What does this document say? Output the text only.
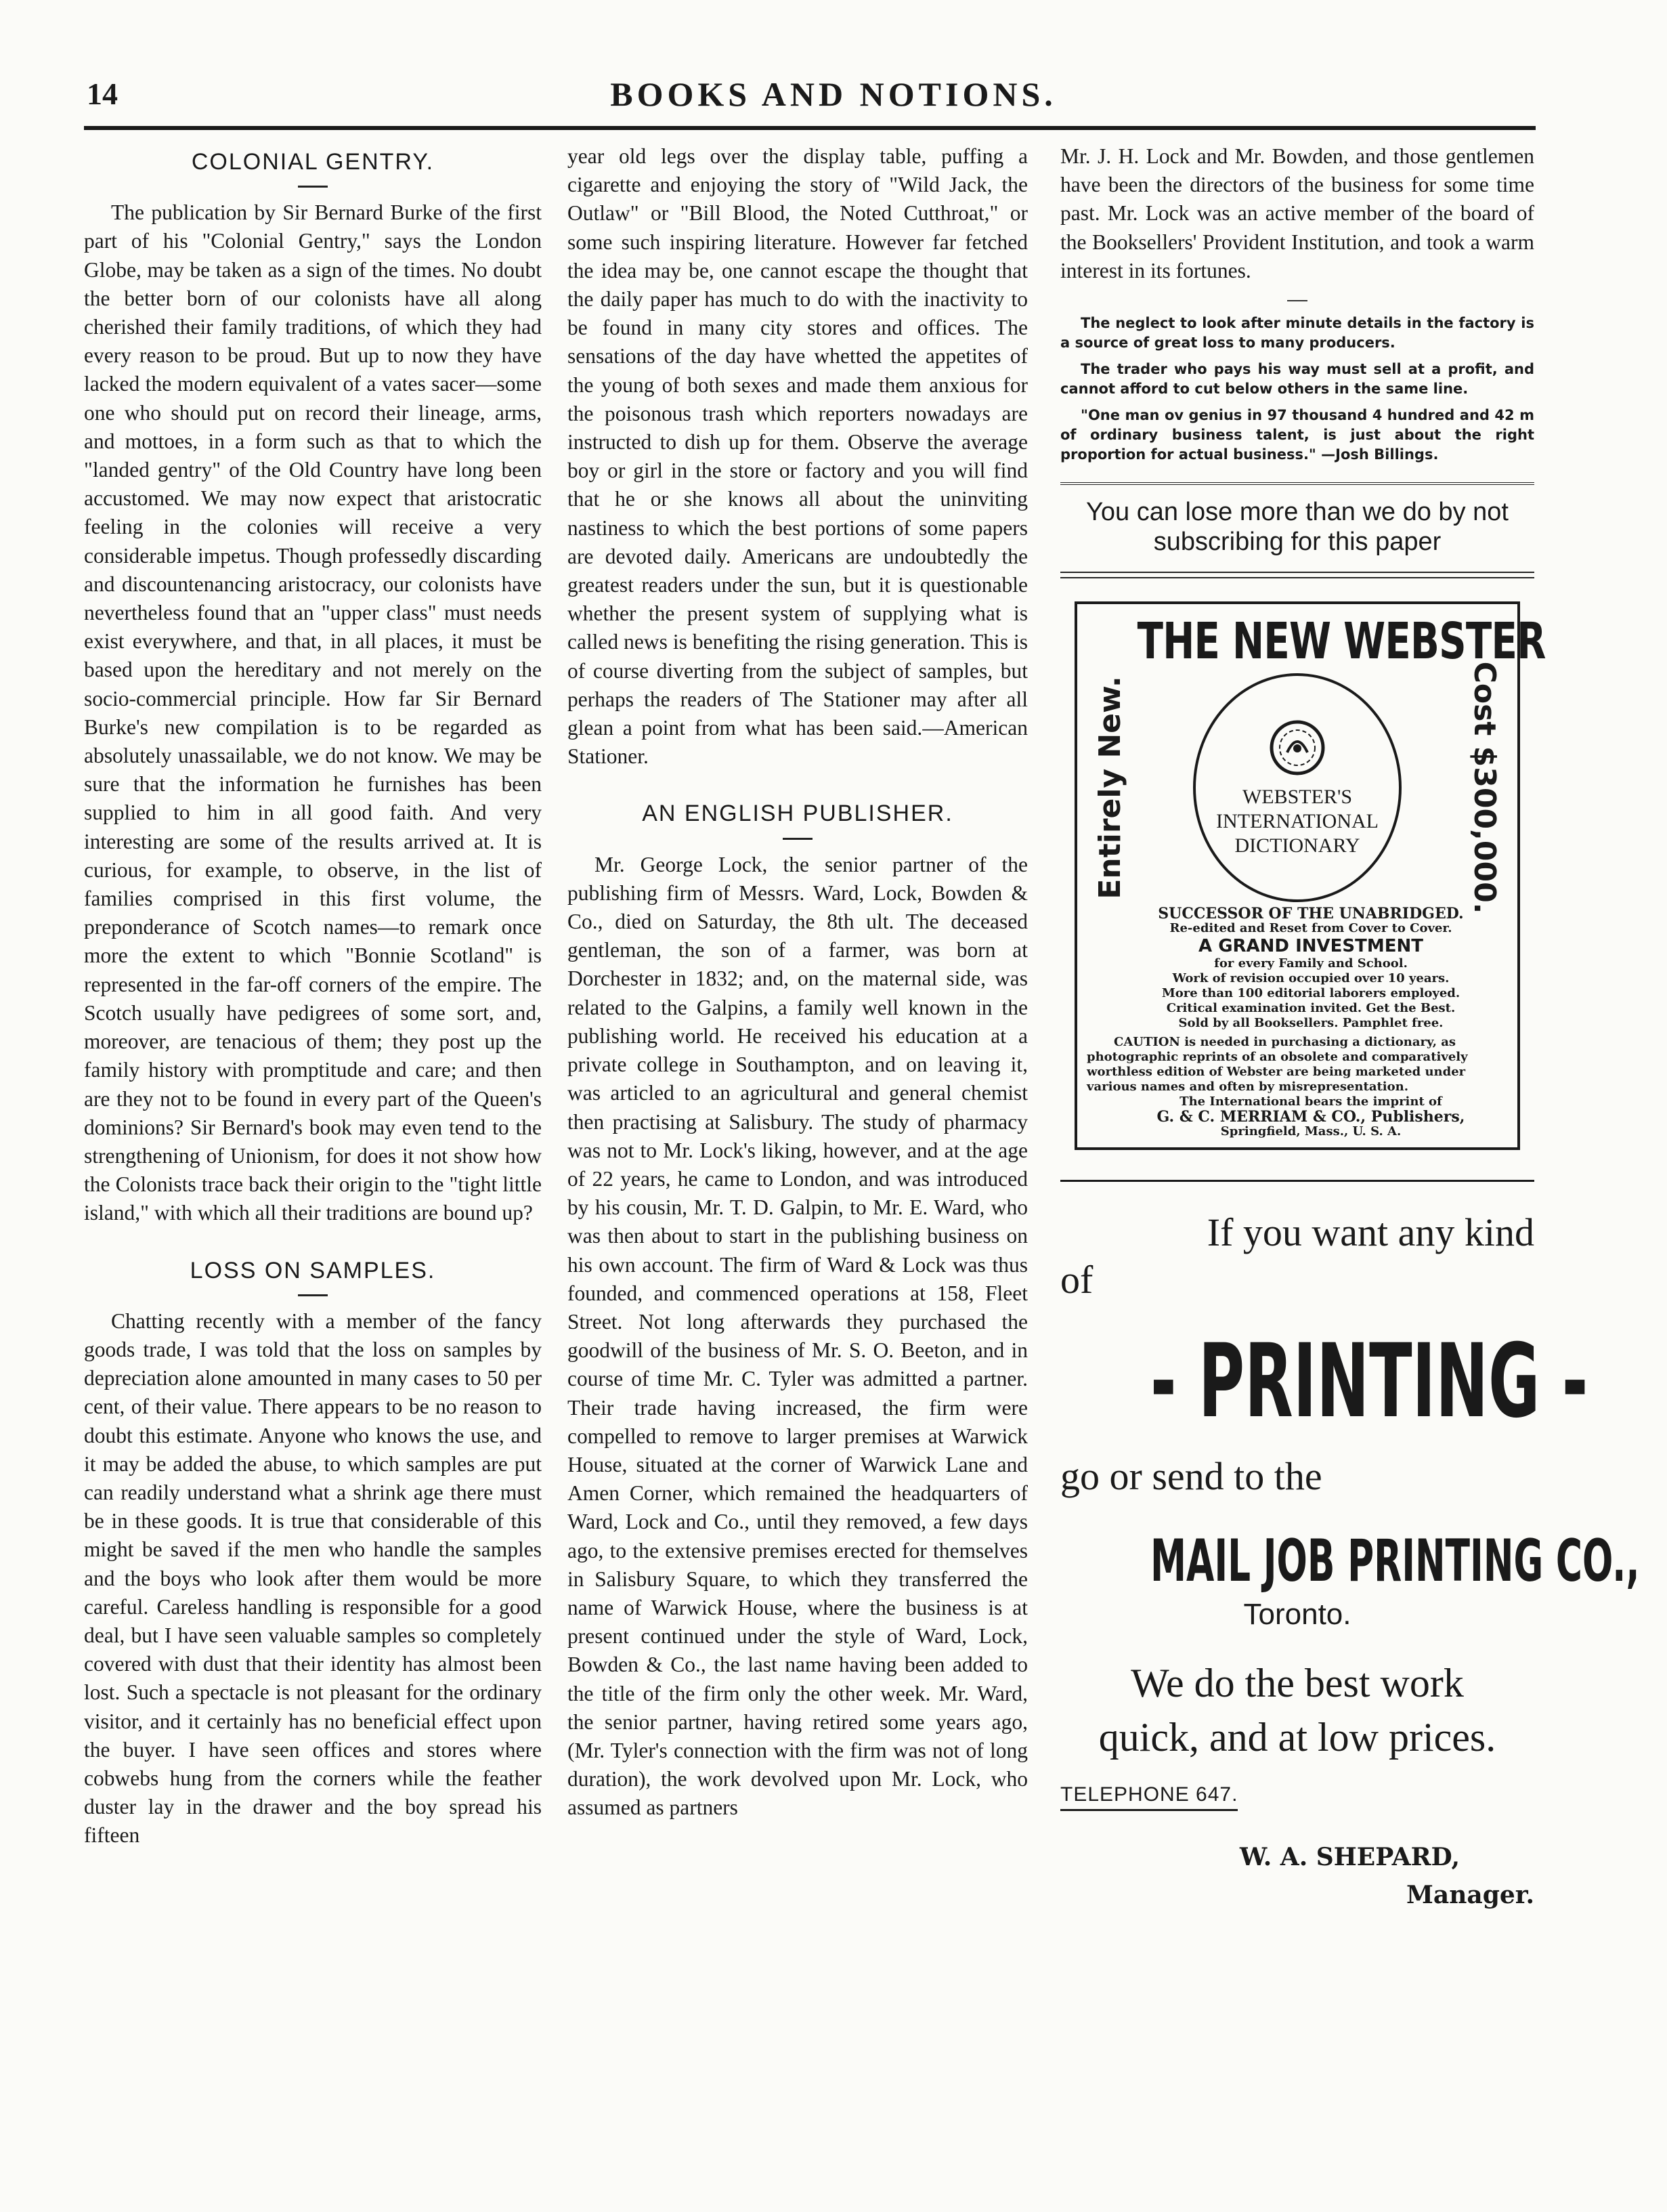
14	BOOKS AND NOTIONS.
COLONIAL GENTRY.

The publication by Sir Bernard Burke of the first part of his "Colonial Gentry," says the London Globe, may be taken as a sign of the times. No doubt the better born of our colonists have all along cherished their family traditions, of which they had every reason to be proud. But up to now they have lacked the modern equivalent of a vates sacer—some one who should put on record their lineage, arms, and mottoes, in a form such as that to which the "landed gentry" of the Old Country have long been accustomed. We may now expect that aristocratic feeling in the colonies will receive a very considerable impetus. Though professedly discarding and discountenancing aristocracy, our colonists have nevertheless found that an "upper class" must needs exist everywhere, and that, in all places, it must be based upon the hereditary and not merely on the socio-commercial principle. How far Sir Bernard Burke's new compilation is to be regarded as absolutely unassailable, we do not know. We may be sure that the information he furnishes has been supplied to him in all good faith. And very interesting are some of the results arrived at. It is curious, for example, to observe, in the list of families comprised in this first volume, the preponderance of Scotch names—to remark once more the extent to which "Bonnie Scotland" is represented in the far-off corners of the empire. The Scotch usually have pedigrees of some sort, and, moreover, are tenacious of them; they post up the family history with promptitude and care; and then are they not to be found in every part of the Queen's dominions? Sir Bernard's book may even tend to the strengthening of Unionism, for does it not show how the Colonists trace back their origin to the "tight little island," with which all their traditions are bound up?

LOSS ON SAMPLES.

Chatting recently with a member of the fancy goods trade, I was told that the loss on samples by depreciation alone amounted in many cases to 50 per cent, of their value. There appears to be no reason to doubt this estimate. Anyone who knows the use, and it may be added the abuse, to which samples are put can readily understand what a shrink age there must be in these goods. It is true that considerable of this might be saved if the men who handle the samples and the boys who look after them would be more careful. Careless handling is responsible for a good deal, but I have seen valuable samples so completely covered with dust that their identity has almost been lost. Such a spectacle is not pleasant for the ordinary visitor, and it certainly has no beneficial effect upon the buyer. I have seen offices and stores where cobwebs hung from the corners while the feather duster lay in the drawer and the boy spread his fifteen

year old legs over the display table, puffing a cigarette and enjoying the story of "Wild Jack, the Outlaw" or "Bill Blood, the Noted Cutthroat," or some such inspiring literature. However far fetched the idea may be, one cannot escape the thought that the daily paper has much to do with the inactivity to be found in many city stores and offices. The sensations of the day have whetted the appetites of the young of both sexes and made them anxious for the poisonous trash which reporters nowadays are instructed to dish up for them. Observe the average boy or girl in the store or factory and you will find that he or she knows all about the uninviting nastiness to which the best portions of some papers are devoted daily. Americans are undoubtedly the greatest readers under the sun, but it is questionable whether the present system of supplying what is called news is benefiting the rising generation. This is of course diverting from the subject of samples, but perhaps the readers of The Stationer may after all glean a point from what has been said.—American Stationer.

AN ENGLISH PUBLISHER.

Mr. George Lock, the senior partner of the publishing firm of Messrs. Ward, Lock, Bowden & Co., died on Saturday, the 8th ult. The deceased gentleman, the son of a farmer, was born at Dorchester in 1832; and, on the maternal side, was related to the Galpins, a family well known in the publishing world. He received his education at a private college in Southampton, and on leaving it, was articled to an agricultural and general chemist then practising at Salisbury. The study of pharmacy was not to Mr. Lock's liking, however, and at the age of 22 years, he came to London, and was introduced by his cousin, Mr. T. D. Galpin, to Mr. E. Ward, who was then about to start in the publishing business on his own account. The firm of Ward & Lock was thus founded, and commenced operations at 158, Fleet Street. Not long afterwards they purchased the goodwill of the business of Mr. S. O. Beeton, and in course of time Mr. C. Tyler was admitted a partner. Their trade having increased, the firm were compelled to remove to larger premises at Warwick House, situated at the corner of Warwick Lane and Amen Corner, which remained the headquarters of Ward, Lock and Co., until they removed, a few days ago, to the extensive premises erected for themselves in Salisbury Square, to which they transferred the name of Warwick House, where the business is at present continued under the style of Ward, Lock, Bowden & Co., the last name having been added to the title of the firm only the other week. Mr. Ward, the senior partner, having retired some years ago, (Mr. Tyler's connection with the firm was not of long duration), the work devolved upon Mr. Lock, who assumed as partners

Mr. J. H. Lock and Mr. Bowden, and those gentlemen have been the directors of the business for some time past. Mr. Lock was an active member of the board of the Booksellers' Provident Institution, and took a warm interest in its fortunes.

The neglect to look after minute details in the factory is a source of great loss to many producers.

The trader who pays his way must sell at a profit, and cannot afford to cut below others in the same line.

"One man ov genius in 97 thousand 4 hundred and 42 m of ordinary business talent, is just about the right proportion for actual business." —Josh Billings.

You can lose more than we do by not subscribing for this paper
THE NEW WEBSTER
Entirely New.	WEBSTER'S
INTERNATIONAL
DICTIONARY	Cost $300,000.

SUCCESSOR OF THE UNABRIDGED.

Re-edited and Reset from Cover to Cover.

A GRAND INVESTMENT

for every Family and School.

Work of revision occupied over 10 years.

More than 100 editorial laborers employed.

Critical examination invited. Get the Best.

Sold by all Booksellers. Pamphlet free.

CAUTION is needed in purchasing a dictionary, as photographic reprints of an obsolete and comparatively worthless edition of Webster are being marketed under various names and often by misrepresentation.

The International bears the imprint of

G. & C. MERRIAM & CO., Publishers,

Springfield, Mass., U. S. A.

If you want any kind
of
- PRINTING -
go or send to the
MAIL JOB PRINTING CO.,
Toronto.
We do the best work
quick, and at low prices.
TELEPHONE 647.
W. A. SHEPARD,
Manager.
